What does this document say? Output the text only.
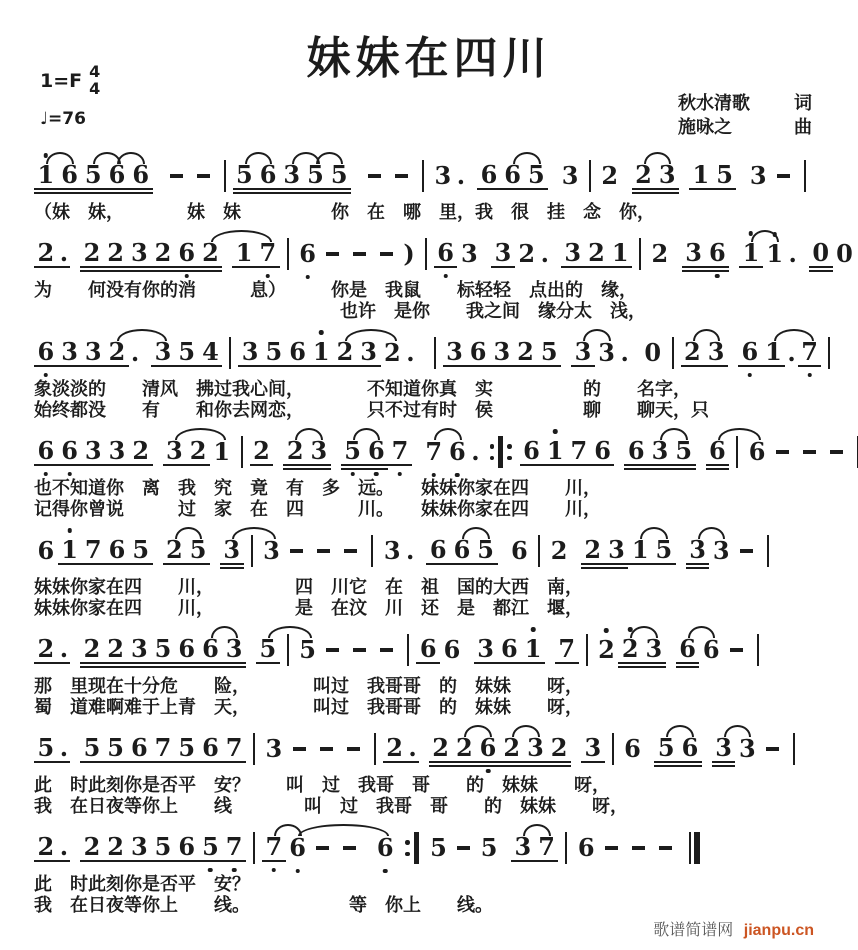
妹妹在四川
1=F 4
4
♩=76
秋水清歌 词
施咏之	曲
1 6 5 6 6	5 6 3 5 5	3 . 6 6 5 3 2 2 3 1 5 3
（妹　妹，　　　　妹　妹　　　　　你　在　哪　里，我　很　挂　念　你，
2 . 2 2 3 2 6 2 1 7 6	) 6 3 3 2 . 3 2 1 2 3 6 1 1 . 0 0
为　　何没有你的消　　　息）　　　你是　我鼠　　标轻轻　点出的　缘，
　　　　　　　　　　　　　　　　　也许　是你　　我之间　缘分太　浅，
6 3 3 2 . 3 5 4 3 5 6 1 2 3 2 . 3 6 3 2 5 3 3 . 0 2 3 6 1 . 7
象淡淡的　　清风　拂过我心间，　　　　不知道你真　实　　　　　的　　名字，
始终都没　　有　　和你去网恋，　　　　只不过有时　侯　　　　　聊　　聊天，只
6 6 3 3 2 3 2 1 2 2 3 5 6 7 7 6 . 6 1 7 6 6 3 5 6 6
也不知道你　离　我　究　竟　有　多　远。　　妹妹你家在四　　川，
记得你曾说　　　过　家　在　四　　　川。　　妹妹你家在四　　川，
6 1 7 6 5 2 5 3 3	3 . 6 6 5 6 2 2 3 1 5 3 3
妹妹你家在四　　川，　　　　　四　川它　在　祖　国的大西　南，
妹妹你家在四　　川，　　　　　是　在汶　川　还　是　都江　堰，
2 . 2 2 3 5 6 6 3 5 5	6 6 3 6 1 7 2 2 3 6 6
那　里现在十分危　　险，　　　　叫过　我哥哥　的　妹妹　　呀，
蜀　道难啊难于上青　天，　　　　叫过　我哥哥　的　妹妹　　呀，
5 . 5 5 6 7 5 6 7 3	2 . 2 2 6 2 3 2 3 6 5 6 3 3
此　时此刻你是否平　安？　　叫　过　我哥　哥　　的　妹妹　　呀，
我　在日夜等你上　　线　　　　叫　过　我哥　哥　　的　妹妹　　呀，
2 . 2 2 3 5 6 5 7 7 6	6 5 5 3 7 6
此　时此刻你是否平　安？
我　在日夜等你上　　线。　　　　　　等　你上　　线。
歌谱简谱网 jianpu.cn
